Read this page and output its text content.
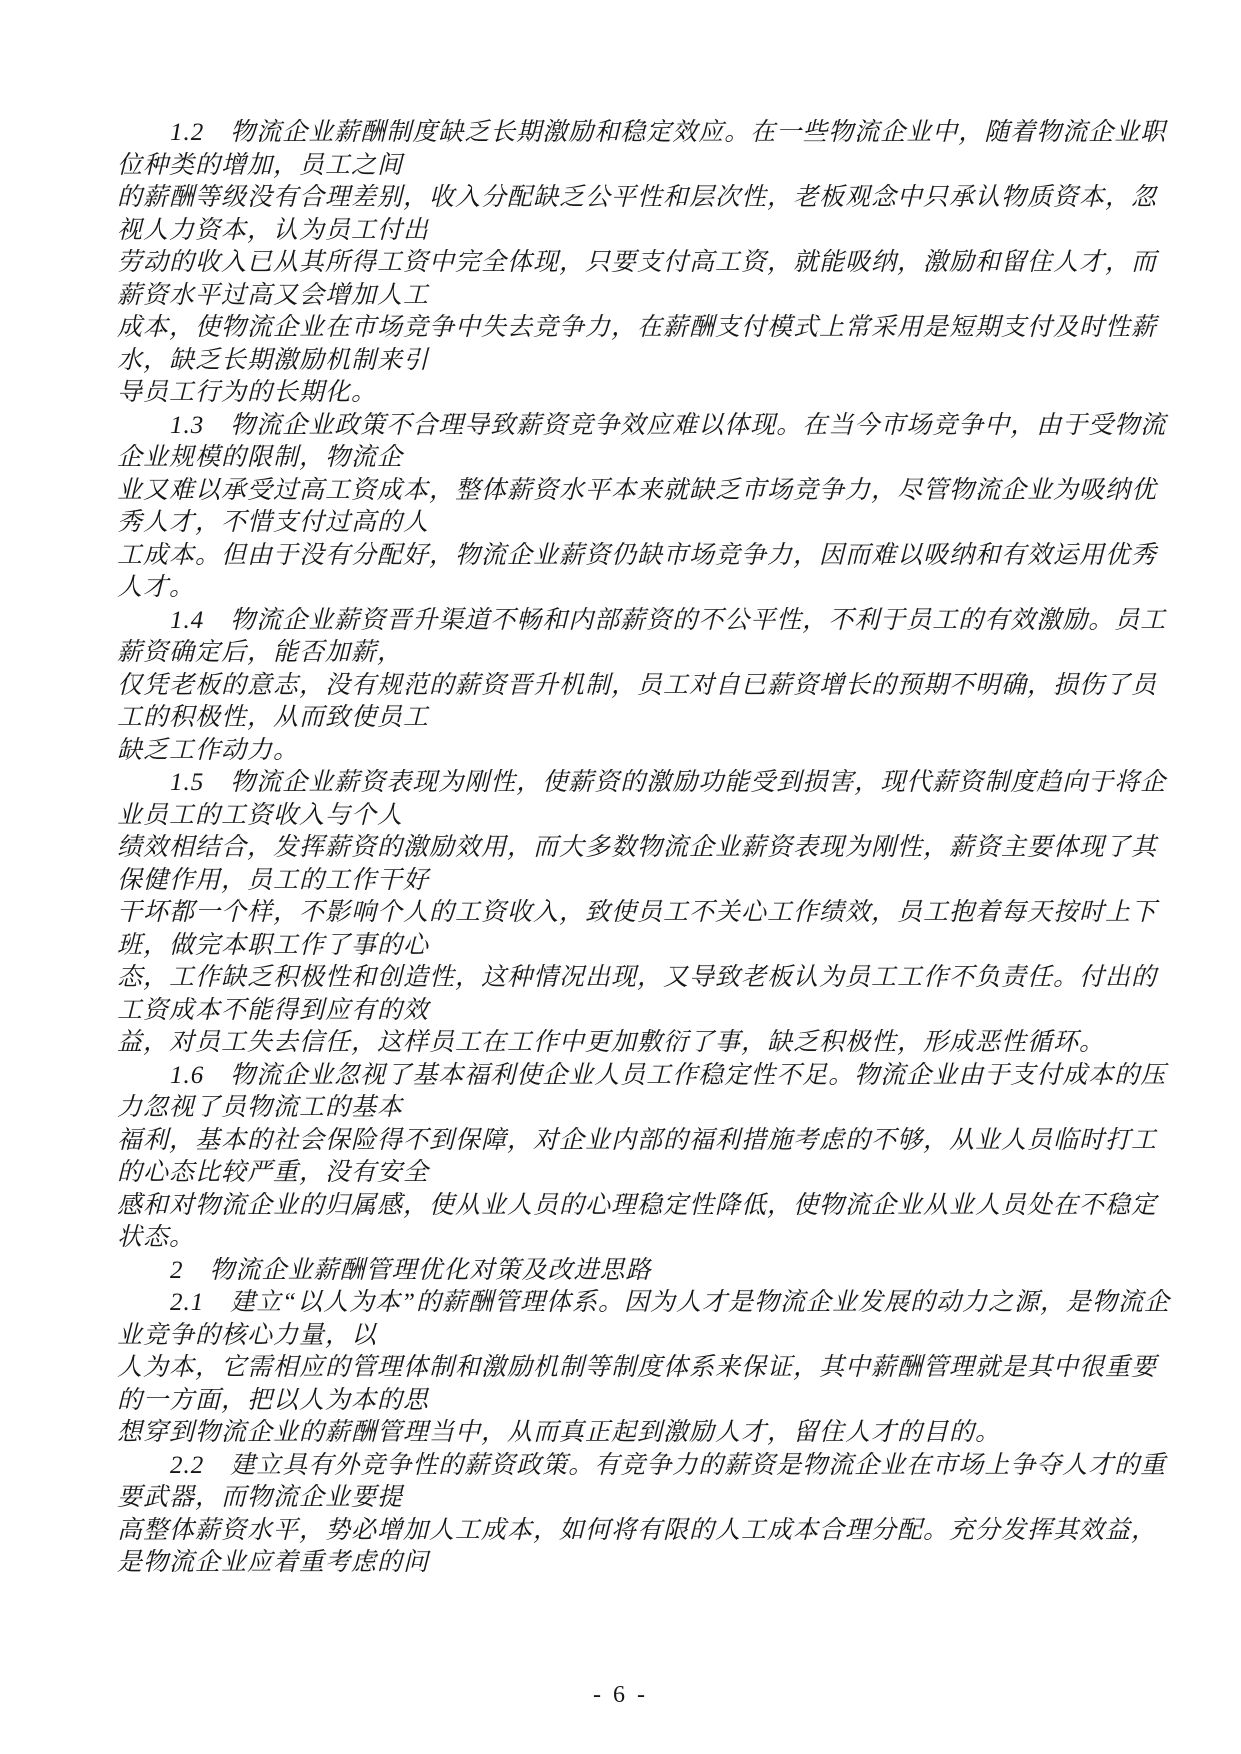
1.2　物流企业薪酬制度缺乏长期激励和稳定效应。在一些物流企业中，随着物流企业职
位种类的增加，员工之间
的薪酬等级没有合理差别，收入分配缺乏公平性和层次性，老板观念中只承认物质资本，忽
视人力资本，认为员工付出
劳动的收入已从其所得工资中完全体现，只要支付高工资，就能吸纳，激励和留住人才，而
薪资水平过高又会增加人工
成本，使物流企业在市场竞争中失去竞争力，在薪酬支付模式上常采用是短期支付及时性薪
水，缺乏长期激励机制来引
导员工行为的长期化。
1.3　物流企业政策不合理导致薪资竞争效应难以体现。在当今市场竞争中，由于受物流
企业规模的限制，物流企
业又难以承受过高工资成本，整体薪资水平本来就缺乏市场竞争力，尽管物流企业为吸纳优
秀人才，不惜支付过高的人
工成本。但由于没有分配好，物流企业薪资仍缺市场竞争力，因而难以吸纳和有效运用优秀
人才。
1.4　物流企业薪资晋升渠道不畅和内部薪资的不公平性，不利于员工的有效激励。员工
薪资确定后，能否加薪，
仅凭老板的意志，没有规范的薪资晋升机制，员工对自已薪资增长的预期不明确，损伤了员
工的积极性，从而致使员工
缺乏工作动力。
1.5　物流企业薪资表现为刚性，使薪资的激励功能受到损害，现代薪资制度趋向于将企
业员工的工资收入与个人
绩效相结合，发挥薪资的激励效用，而大多数物流企业薪资表现为刚性，薪资主要体现了其
保健作用，员工的工作干好
干坏都一个样，不影响个人的工资收入，致使员工不关心工作绩效，员工抱着每天按时上下
班，做完本职工作了事的心
态，工作缺乏积极性和创造性，这种情况出现，又导致老板认为员工工作不负责任。付出的
工资成本不能得到应有的效
益，对员工失去信任，这样员工在工作中更加敷衍了事，缺乏积极性，形成恶性循环。
1.6　物流企业忽视了基本福利使企业人员工作稳定性不足。物流企业由于支付成本的压
力忽视了员物流工的基本
福利，基本的社会保险得不到保障，对企业内部的福利措施考虑的不够，从业人员临时打工
的心态比较严重，没有安全
感和对物流企业的归属感，使从业人员的心理稳定性降低，使物流企业从业人员处在不稳定
状态。
2　物流企业薪酬管理优化对策及改进思路
2.1　建立“以人为本”的薪酬管理体系。因为人才是物流企业发展的动力之源，是物流企
业竞争的核心力量，以
人为本，它需相应的管理体制和激励机制等制度体系来保证，其中薪酬管理就是其中很重要
的一方面，把以人为本的思
想穿到物流企业的薪酬管理当中，从而真正起到激励人才，留住人才的目的。
2.2　建立具有外竞争性的薪资政策。有竞争力的薪资是物流企业在市场上争夺人才的重
要武器，而物流企业要提
高整体薪资水平，势必增加人工成本，如何将有限的人工成本合理分配。充分发挥其效益，
是物流企业应着重考虑的问
- 6 -
